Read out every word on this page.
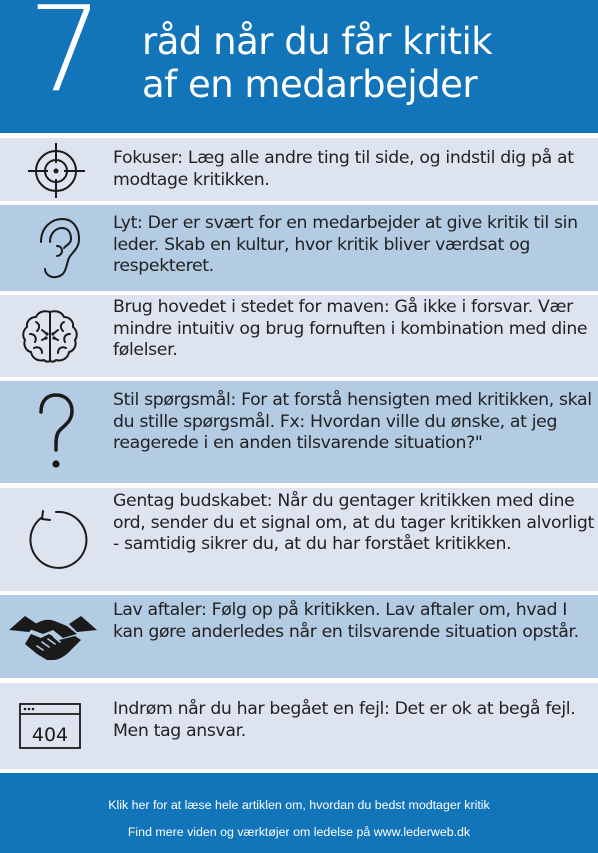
7 råd når du får kritik
af en medarbejder
Fokuser: Læg alle andre ting til side, og indstil dig på at modtage kritikken.
Lyt: Der er svært for en medarbejder at give kritik til sin leder. Skab en kultur, hvor kritik bliver værdsat og respekteret.
Brug hovedet i stedet for maven: Gå ikke i forsvar. Vær mindre intuitiv og brug fornuften i kombination med dine følelser.
Stil spørgsmål: For at forstå hensigten med kritikken, skal du stille spørgsmål. Fx: Hvordan ville du ønske, at jeg reagerede i en anden tilsvarende situation?"
Gentag budskabet: Når du gentager kritikken med dine ord, sender du et signal om, at du tager kritikken alvorligt - samtidig sikrer du, at du har forstået kritikken.
Lav aftaler: Følg op på kritikken. Lav aftaler om, hvad I kan gøre anderledes når en tilsvarende situation opstår.
404
Indrøm når du har begået en fejl: Det er ok at begå fejl. Men tag ansvar.
Klik her for at læse hele artiklen om, hvordan du bedst modtager kritik
Find mere viden og værktøjer om ledelse på www.lederweb.dk
